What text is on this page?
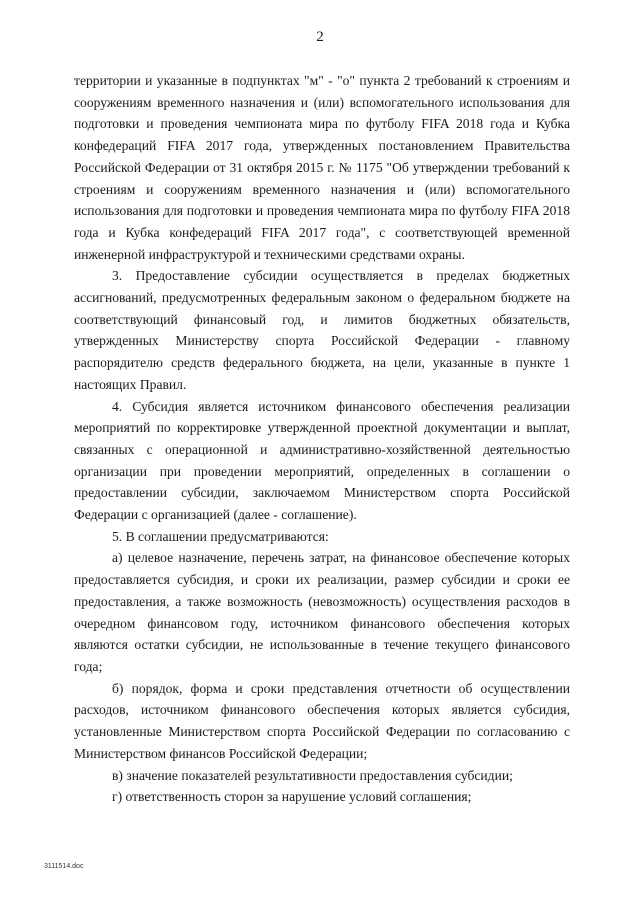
2

территории и указанные в подпунктах "м" - "о" пункта 2 требований к строениям и сооружениям временного назначения и (или) вспомогательного использования для подготовки и проведения чемпионата мира по футболу FIFA 2018 года и Кубка конфедераций FIFA 2017 года, утвержденных постановлением Правительства Российской Федерации от 31 октября 2015 г. № 1175 "Об утверждении требований к строениям и сооружениям временного назначения и (или) вспомогательного использования для подготовки и проведения чемпионата мира по футболу FIFA 2018 года и Кубка конфедераций FIFA 2017 года", с соответствующей временной инженерной инфраструктурой и техническими средствами охраны.

3. Предоставление субсидии осуществляется в пределах бюджетных ассигнований, предусмотренных федеральным законом о федеральном бюджете на соответствующий финансовый год, и лимитов бюджетных обязательств, утвержденных Министерству спорта Российской Федерации - главному распорядителю средств федерального бюджета, на цели, указанные в пункте 1 настоящих Правил.

4. Субсидия является источником финансового обеспечения реализации мероприятий по корректировке утвержденной проектной документации и выплат, связанных с операционной и административно-хозяйственной деятельностью организации при проведении мероприятий, определенных в соглашении о предоставлении субсидии, заключаемом Министерством спорта Российской Федерации с организацией (далее - соглашение).

5. В соглашении предусматриваются:

а) целевое назначение, перечень затрат, на финансовое обеспечение которых предоставляется субсидия, и сроки их реализации, размер субсидии и сроки ее предоставления, а также возможность (невозможность) осуществления расходов в очередном финансовом году, источником финансового обеспечения которых являются остатки субсидии, не использованные в течение текущего финансового года;

б) порядок, форма и сроки представления отчетности об осуществлении расходов, источником финансового обеспечения которых является субсидия, установленные Министерством спорта Российской Федерации по согласованию с Министерством финансов Российской Федерации;

в) значение показателей результативности предоставления субсидии;

г) ответственность сторон за нарушение условий соглашения;

3111514.doc
